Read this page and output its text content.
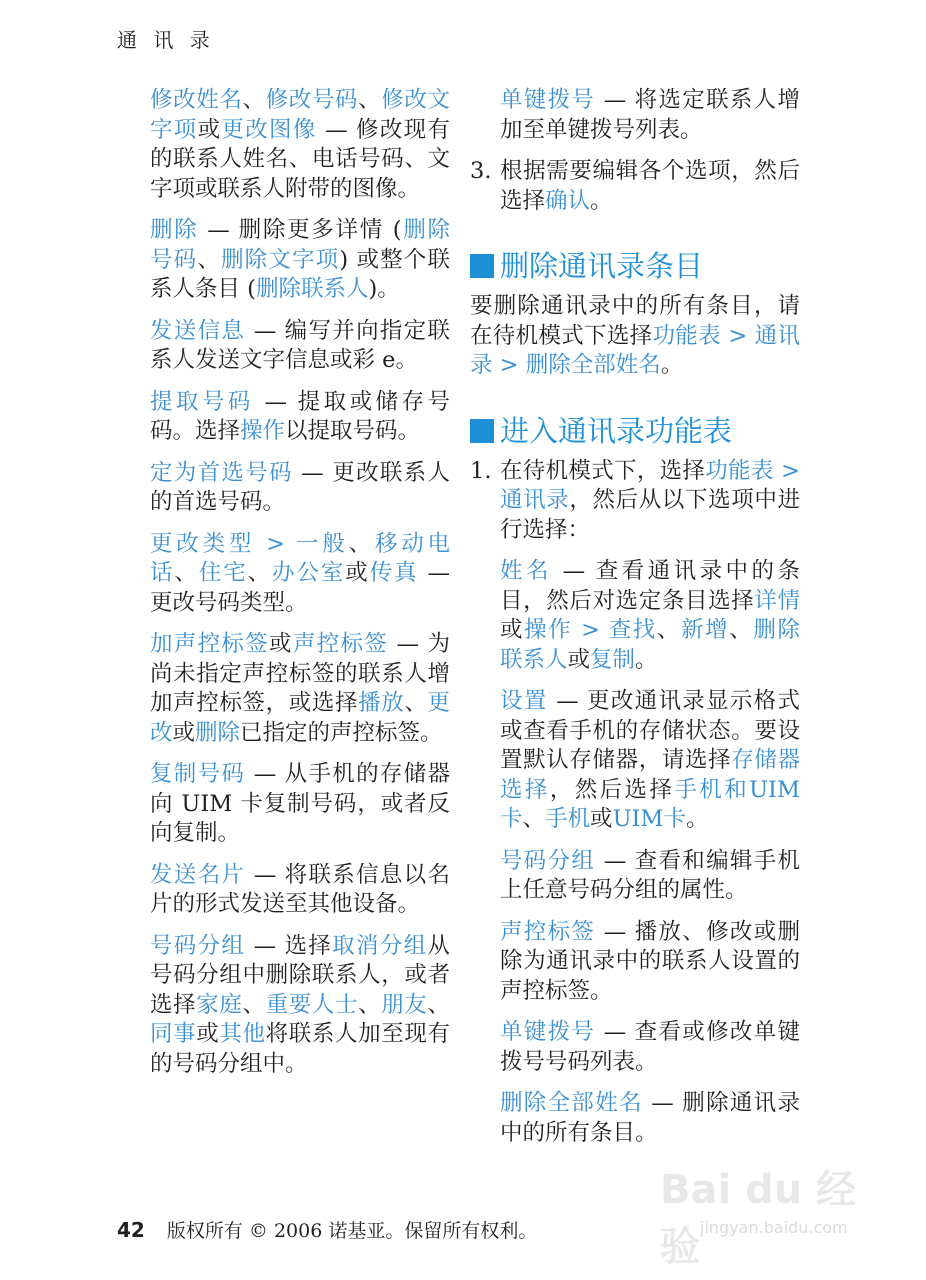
通 讯 录

修改姓名、修改号码、修改文字项或更改图像 — 修改现有的联系人姓名、电话号码、文字项或联系人附带的图像。

删除 — 删除更多详情 (删除号码、删除文字项) 或整个联系人条目 (删除联系人)。

发送信息 — 编写并向指定联系人发送文字信息或彩 e。

提取号码 — 提取或储存号码。选择操作以提取号码。

定为首选号码 — 更改联系人的首选号码。

更改类型 > 一般、移动电话、住宅、办公室或传真 — 更改号码类型。

加声控标签或声控标签 — 为尚未指定声控标签的联系人增加声控标签，或选择播放、更改或删除已指定的声控标签。

复制号码 — 从手机的存储器向 UIM 卡复制号码，或者反向复制。

发送名片 — 将联系信息以名片的形式发送至其他设备。

号码分组 — 选择取消分组从号码分组中删除联系人，或者选择家庭、重要人士、朋友、同事或其他将联系人加至现有的号码分组中。

单键拨号 — 将选定联系人增加至单键拨号列表。

3. 根据需要编辑各个选项，然后选择确认。
删除通讯录条目

要删除通讯录中的所有条目，请在待机模式下选择功能表 > 通讯录 > 删除全部姓名。

进入通讯录功能表
1. 在待机模式下，选择功能表 > 通讯录，然后从以下选项中进行选择：

姓名 — 查看通讯录中的条目，然后对选定条目选择详情或操作 > 查找、新增、删除联系人或复制。

设置 — 更改通讯录显示格式或查看手机的存储状态。要设置默认存储器，请选择存储器选择，然后选择手机和UIM卡、手机或UIM卡。

号码分组 — 查看和编辑手机上任意号码分组的属性。

声控标签 — 播放、修改或删除为通讯录中的联系人设置的声控标签。

单键拨号 — 查看或修改单键拨号号码列表。

删除全部姓名 — 删除通讯录中的所有条目。

42 版权所有 © 2006 诺基亚。保留所有权利。
Bai du 经验 jingyan.baidu.com
